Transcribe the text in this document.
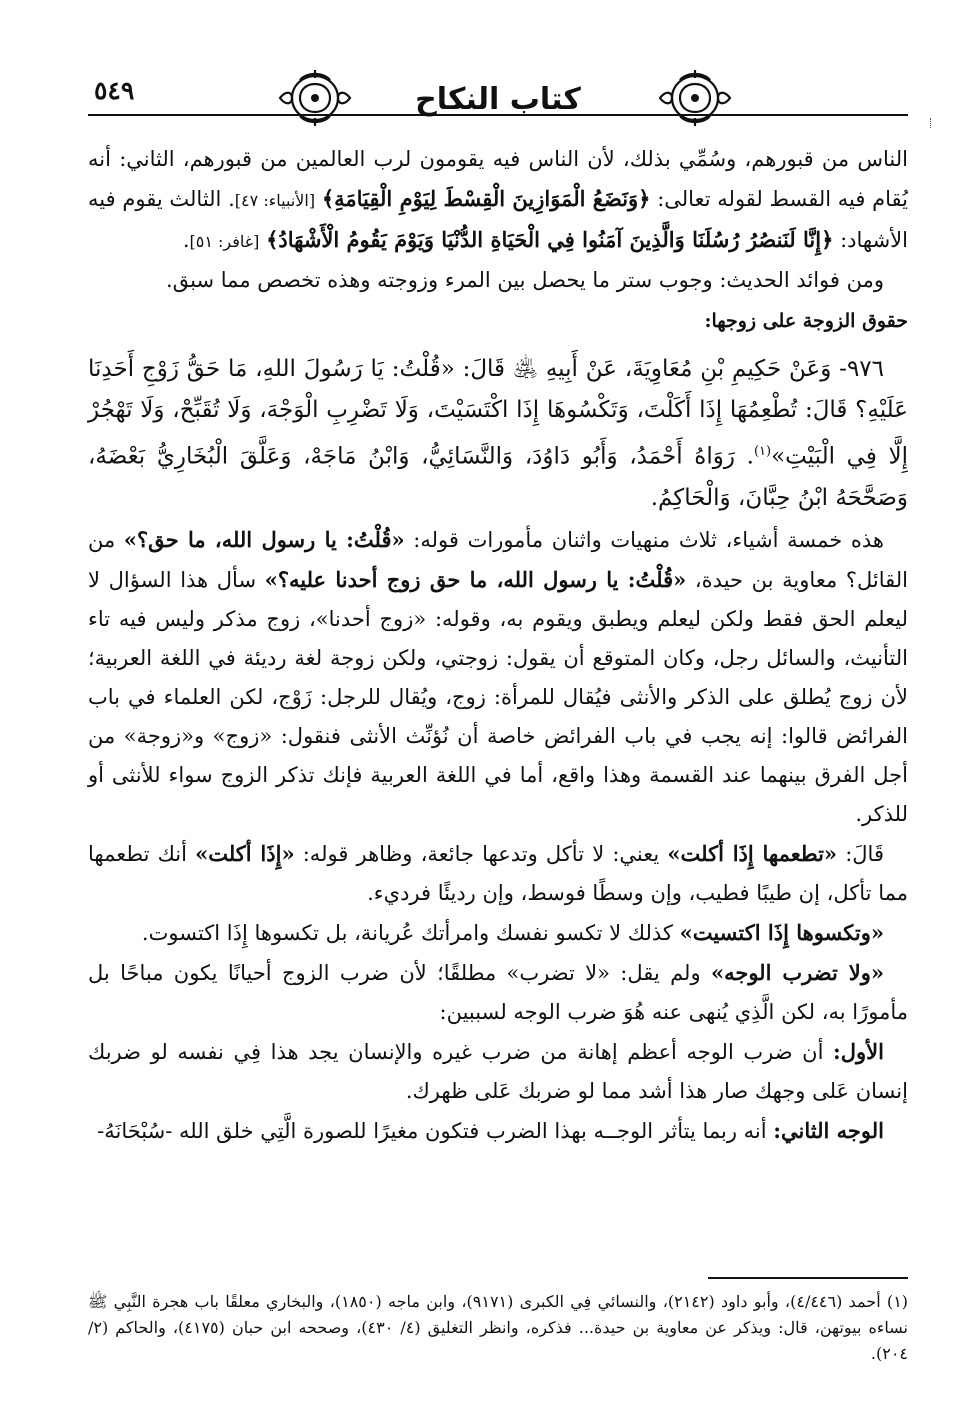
٥٤٩	كتاب النكاح

الناس من قبورهم، وسُمِّي بذلك، لأن الناس فيه يقومون لرب العالمين من قبورهم، الثاني: أنه يُقام فيه القسط لقوله تعالى: ﴿وَنَضَعُ الْمَوَازِينَ الْقِسْطَ لِيَوْمِ الْقِيَامَةِ﴾ [الأنبياء: ٤٧]. الثالث يقوم فيه الأشهاد: ﴿إِنَّا لَنَنصُرُ رُسُلَنَا وَالَّذِينَ آمَنُوا فِي الْحَيَاةِ الدُّنْيَا وَيَوْمَ يَقُومُ الْأَشْهَادُ﴾ [غافر: ٥١].

ومن فوائد الحديث: وجوب ستر ما يحصل بين المرء وزوجته وهذه تخصص مما سبق.

حقوق الزوجة على زوجها:

٩٧٦- وَعَنْ حَكِيمِ بْنِ مُعَاوِيَةَ، عَنْ أَبِيهِ ﵁ قَالَ: «قُلْتُ: يَا رَسُولَ اللهِ، مَا حَقُّ زَوْجِ أَحَدِنَا عَلَيْهِ؟ قَالَ: تُطْعِمُهَا إِذَا أَكَلْتَ، وَتَكْسُوهَا إِذَا اكْتَسَيْتَ، وَلَا تَضْرِبِ الْوَجْهَ، وَلَا تُقَبِّحْ، وَلَا تَهْجُرْ إِلَّا فِي الْبَيْتِ»$^{(١)}$. رَوَاهُ أَحْمَدُ، وَأَبُو دَاوُدَ، وَالنَّسَائِيُّ، وَابْنُ مَاجَهْ، وَعَلَّقَ الْبُخَارِيُّ بَعْضَهُ، وَصَحَّحَهُ ابْنُ حِبَّانَ، وَالْحَاكِمُ.

هذه خمسة أشياء، ثلاث منهيات واثنان مأمورات قوله: «قُلْتُ: يا رسول الله، ما حق؟» من القائل؟ معاوية بن حيدة، «قُلْتُ: يا رسول الله، ما حق زوج أحدنا عليه؟» سأل هذا السؤال لا ليعلم الحق فقط ولكن ليعلم ويطبق ويقوم به، وقوله: «زوج أحدنا»، زوج مذكر وليس فيه تاء التأنيث، والسائل رجل، وكان المتوقع أن يقول: زوجتي، ولكن زوجة لغة رديئة في اللغة العربية؛ لأن زوج يُطلق على الذكر والأنثى فيُقال للمرأة: زوج، ويُقال للرجل: زَوْج، لكن العلماء في باب الفرائض قالوا: إنه يجب في باب الفرائض خاصة أن نُؤنِّث الأنثى فنقول: «زوج» و«زوجة» من أجل الفرق بينهما عند القسمة وهذا واقع، أما في اللغة العربية فإنك تذكر الزوج سواء للأنثى أو للذكر.

قَالَ: «تطعمها إِذَا أكلت» يعني: لا تأكل وتدعها جائعة، وظاهر قوله: «إِذَا أكلت» أنك تطعمها مما تأكل، إن طيبًا فطيب، وإن وسطًا فوسط، وإن رديئًا فرديء.

«وتكسوها إِذَا اكتسيت» كذلك لا تكسو نفسك وامرأتك عُريانة، بل تكسوها إِذَا اكتسوت.

«ولا تضرب الوجه» ولم يقل: «لا تضرب» مطلقًا؛ لأن ضرب الزوج أحيانًا يكون مباحًا بل مأمورًا به، لكن الَّذِي يُنهى عنه هُوَ ضرب الوجه لسببين:

الأول: أن ضرب الوجه أعظم إهانة من ضرب غيره والإنسان يجد هذا فِي نفسه لو ضربك إنسان عَلى وجهك صار هذا أشد مما لو ضربك عَلى ظهرك.

الوجه الثاني: أنه ربما يتأثر الوجــه بهذا الضرب فتكون مغيرًا للصورة الَّتِي خلق الله -سُبْحَانَهُ-

(١) أحمد (٤/٤٤٦)، وأبو داود (٢١٤٢)، والنسائي فِي الكبرى (٩١٧١)، وابن ماجه (١٨٥٠)، والبخاري معلقًا باب هجرة النَّبِي ﷺ نساءه بيوتهن، قال: ويذكر عن معاوية بن حيدة... فذكره، وانظر التغليق (٤/ ٤٣٠)، وصححه ابن حبان (٤١٧٥)، والحاكم (٢/ ٢٠٤).
